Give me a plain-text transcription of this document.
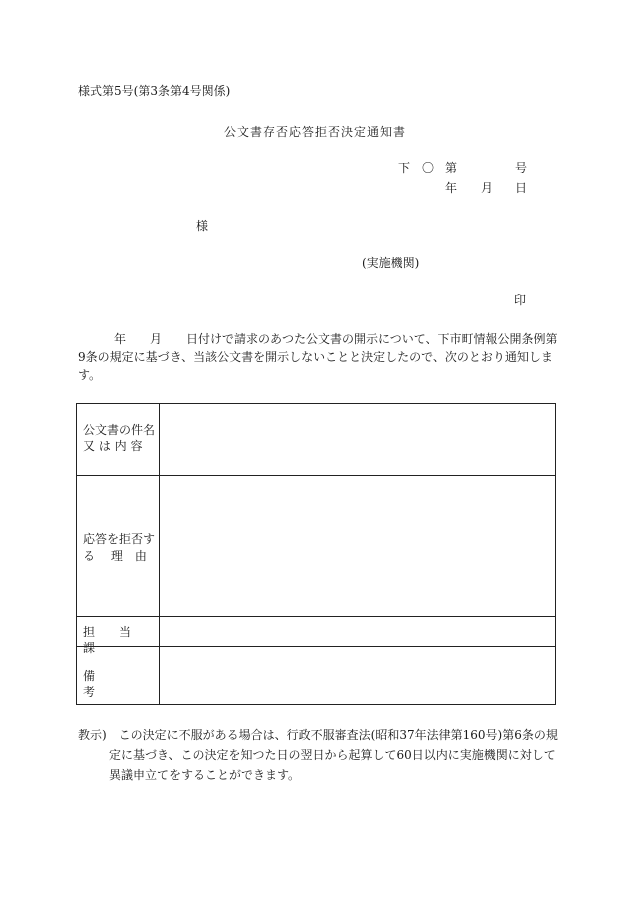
様式第5号(第3条第4号関係)
公文書存否応答拒否決定通知書
下　〇 第	号
年 月 日
様
(実施機関)
印
　　　年　　月　　日付けで請求のあつた公文書の開示について、下市町情報公開条例第
9条の規定に基づき、当該公文書を開示しないことと決定したので、次のとおり通知しま
す。
公文書の件名
又 は 内 容
応答を拒否す
る 　理　由
担　　当　　課
備　　　　　考
教示)　この決定に不服がある場合は、行政不服審査法(昭和37年法律第160号)第6条の規
定に基づき、この決定を知つた日の翌日から起算して60日以内に実施機関に対して
異議申立てをすることができます。
